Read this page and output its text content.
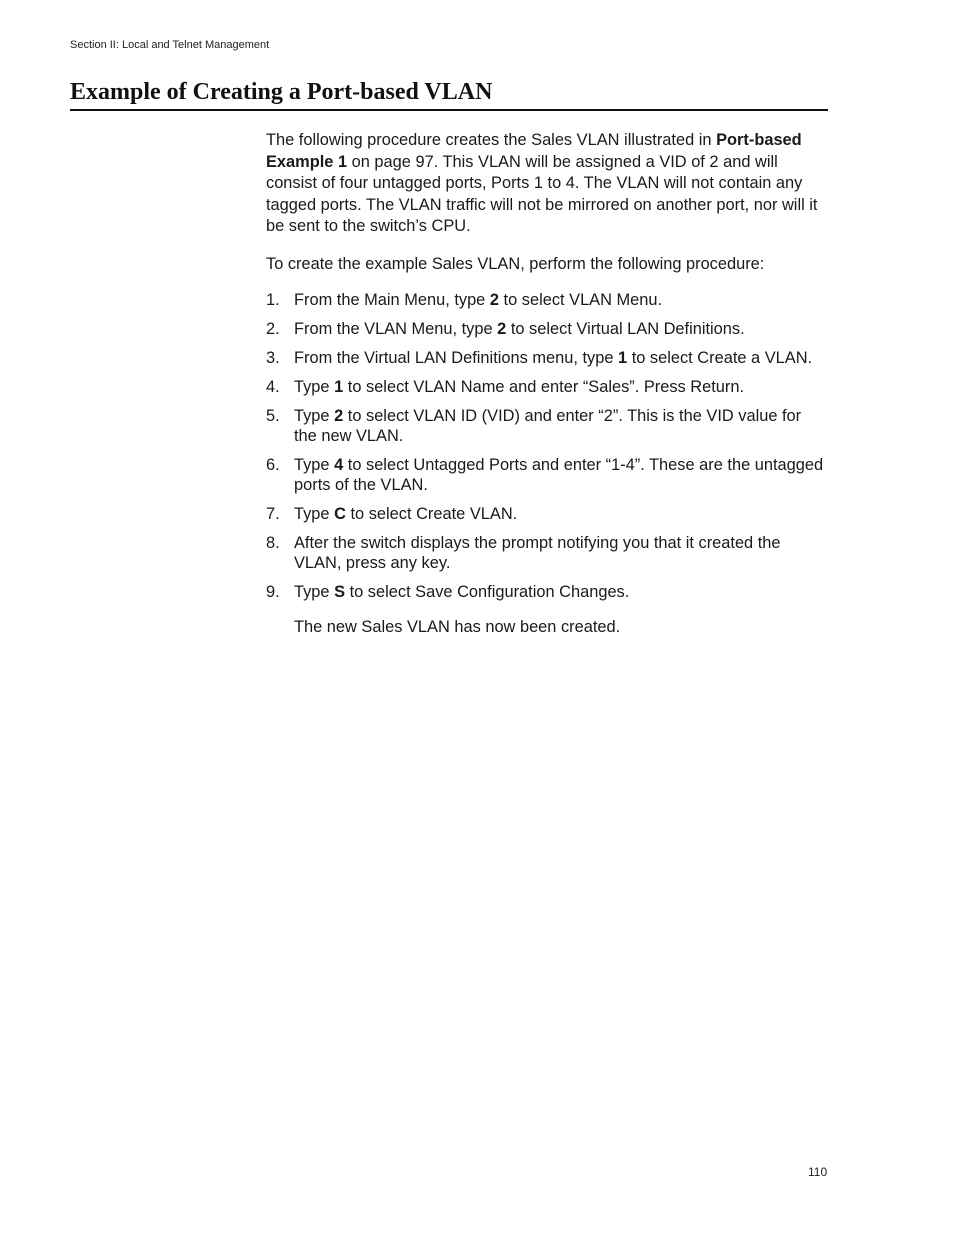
Section II: Local and Telnet Management
Example of Creating a Port-based VLAN

The following procedure creates the Sales VLAN illustrated in Port-based Example 1 on page 97. This VLAN will be assigned a VID of 2 and will consist of four untagged ports, Ports 1 to 4. The VLAN will not contain any tagged ports. The VLAN traffic will not be mirrored on another port, nor will it be sent to the switch’s CPU.

To create the example Sales VLAN, perform the following procedure:

1. From the Main Menu, type 2 to select VLAN Menu.
2. From the VLAN Menu, type 2 to select Virtual LAN Definitions.
3. From the Virtual LAN Definitions menu, type 1 to select Create a VLAN.
4. Type 1 to select VLAN Name and enter “Sales”. Press Return.
5. Type 2 to select VLAN ID (VID) and enter “2”. This is the VID value for the new VLAN.
6. Type 4 to select Untagged Ports and enter “1-4”. These are the untagged ports of the VLAN.
7. Type C to select Create VLAN.
8. After the switch displays the prompt notifying you that it created the VLAN, press any key.
9. Type S to select Save Configuration Changes.

The new Sales VLAN has now been created.

110
